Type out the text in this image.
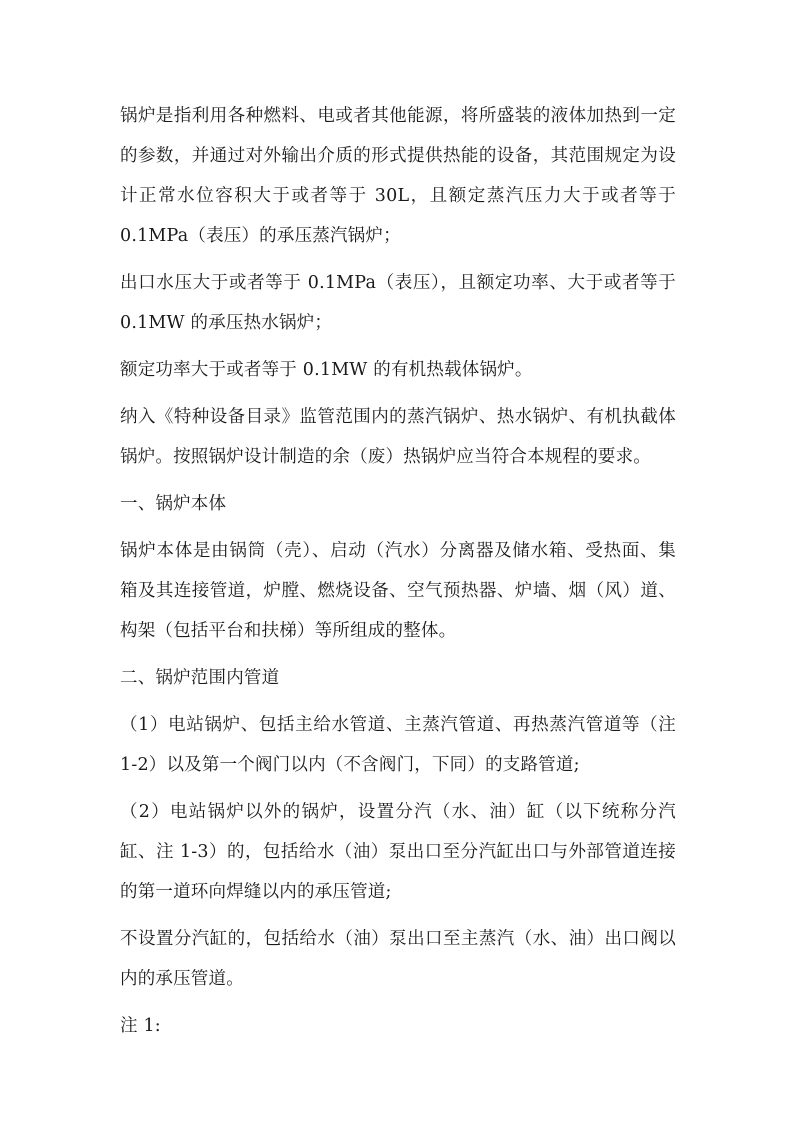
锅炉是指利用各种燃料、电或者其他能源，将所盛装的液体加热到一定的参数，并通过对外输出介质的形式提供热能的设备，其范围规定为设计正常水位容积大于或者等于 30L，且额定蒸汽压力大于或者等于 0.1MPa（表压）的承压蒸汽锅炉；

出口水压大于或者等于 0.1MPa（表压），且额定功率、大于或者等于 0.1MW 的承压热水锅炉；

额定功率大于或者等于 0.1MW 的有机热载体锅炉。

纳入《特种设备目录》监管范围内的蒸汽锅炉、热水锅炉、有机执截体锅炉。按照锅炉设计制造的余（废）热锅炉应当符合本规程的要求。

一、锅炉本体

锅炉本体是由锅筒（壳）、启动（汽水）分离器及储水箱、受热面、集箱及其连接管道，炉膛、燃烧设备、空气预热器、炉墙、烟（风）道、构架（包括平台和扶梯）等所组成的整体。

二、锅炉范围内管道

（1）电站锅炉、包括主给水管道、主蒸汽管道、再热蒸汽管道等（注 1-2）以及第一个阀门以内（不含阀门，下同）的支路管道;

（2）电站锅炉以外的锅炉，设置分汽（水、油）缸（以下统称分汽缸、注 1-3）的，包括给水（油）泵出口至分汽缸出口与外部管道连接的第一道环向焊缝以内的承压管道;

不设置分汽缸的，包括给水（油）泵出口至主蒸汽（水、油）出口阀以内的承压管道。

注 1:
